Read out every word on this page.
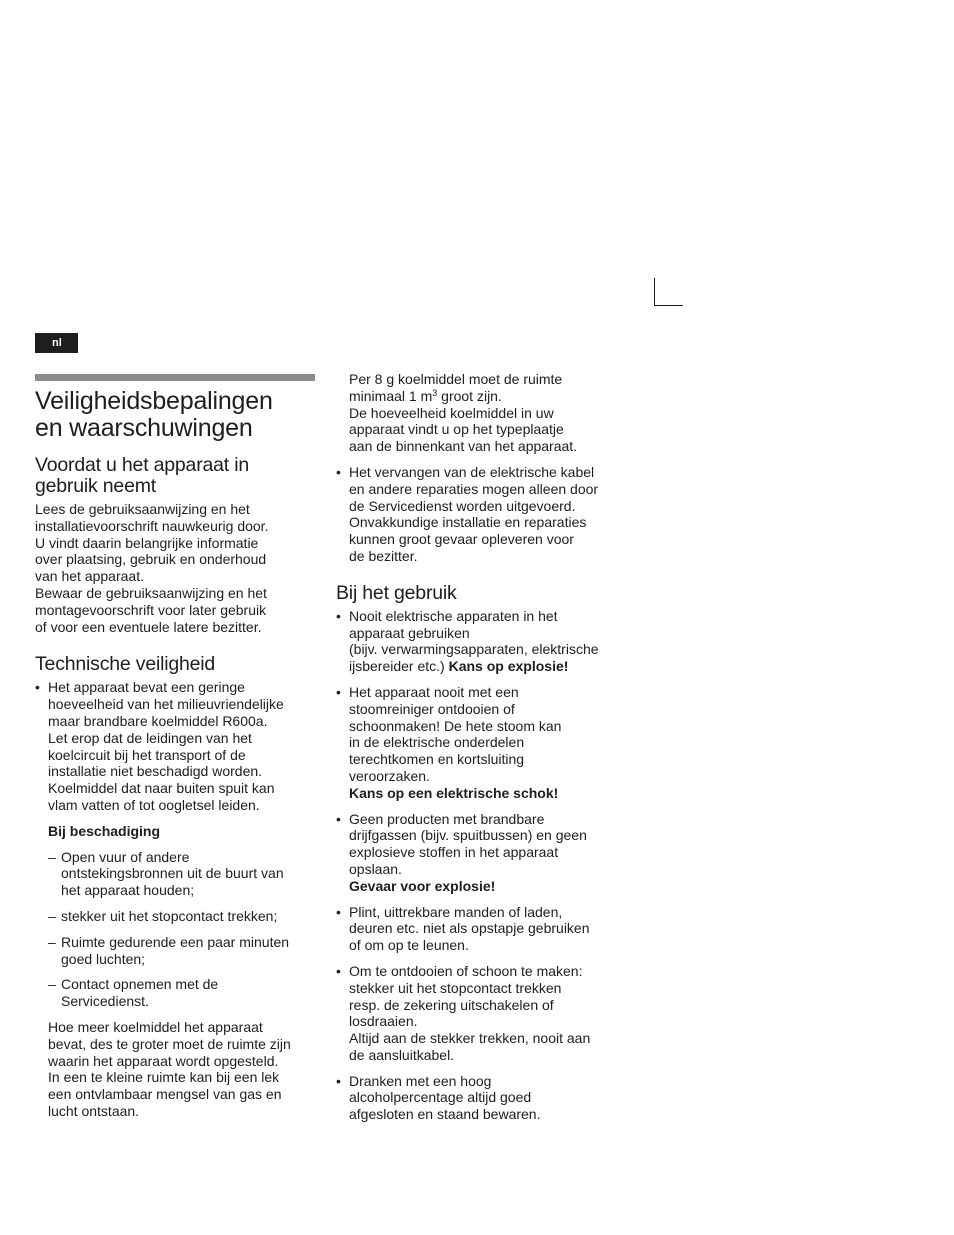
nl
Veiligheidsbepalingen
en waarschuwingen
Voordat u het apparaat in
gebruik neemt

Lees de gebruiksaanwijzing en het
installatievoorschrift nauwkeurig door.
U vindt daarin belangrijke informatie
over plaatsing, gebruik en onderhoud
van het apparaat.
Bewaar de gebruiksaanwijzing en het
montagevoorschrift voor later gebruik
of voor een eventuele latere bezitter.

Technische veiligheid
• Het apparaat bevat een geringe
hoeveelheid van het milieuvriendelijke
maar brandbare koelmiddel R600a.
Let erop dat de leidingen van het
koelcircuit bij het transport of de
installatie niet beschadigd worden.
Koelmiddel dat naar buiten spuit kan
vlam vatten of tot oogletsel leiden.
Bij beschadiging
– Open vuur of andere
ontstekingsbronnen uit de buurt van
het apparaat houden;
– stekker uit het stopcontact trekken;
– Ruimte gedurende een paar minuten
goed luchten;
– Contact opnemen met de
Servicedienst.

Hoe meer koelmiddel het apparaat
bevat, des te groter moet de ruimte zijn
waarin het apparaat wordt opgesteld.
In een te kleine ruimte kan bij een lek
een ontvlambaar mengsel van gas en
lucht ontstaan.

Per 8 g koelmiddel moet de ruimte
minimaal 1 $m^3$ groot zijn.
De hoeveelheid koelmiddel in uw
apparaat vindt u op het typeplaatje
aan de binnenkant van het apparaat.

• Het vervangen van de elektrische kabel
en andere reparaties mogen alleen door
de Servicedienst worden uitgevoerd.
Onvakkundige installatie en reparaties
kunnen groot gevaar opleveren voor
de bezitter.
Bij het gebruik
• Nooit elektrische apparaten in het
apparaat gebruiken
(bijv. verwarmingsapparaten, elektrische
ijsbereider etc.) Kans op explosie!
• Het apparaat nooit met een
stoomreiniger ontdooien of
schoonmaken! De hete stoom kan
in de elektrische onderdelen
terechtkomen en kortsluiting
veroorzaken.
Kans op een elektrische schok!
• Geen producten met brandbare
drijfgassen (bijv. spuitbussen) en geen
explosieve stoffen in het apparaat
opslaan.
Gevaar voor explosie!
• Plint, uittrekbare manden of laden,
deuren etc. niet als opstapje gebruiken
of om op te leunen.
• Om te ontdooien of schoon te maken:
stekker uit het stopcontact trekken
resp. de zekering uitschakelen of
losdraaien.
Altijd aan de stekker trekken, nooit aan
de aansluitkabel.
• Dranken met een hoog
alcoholpercentage altijd goed
afgesloten en staand bewaren.
